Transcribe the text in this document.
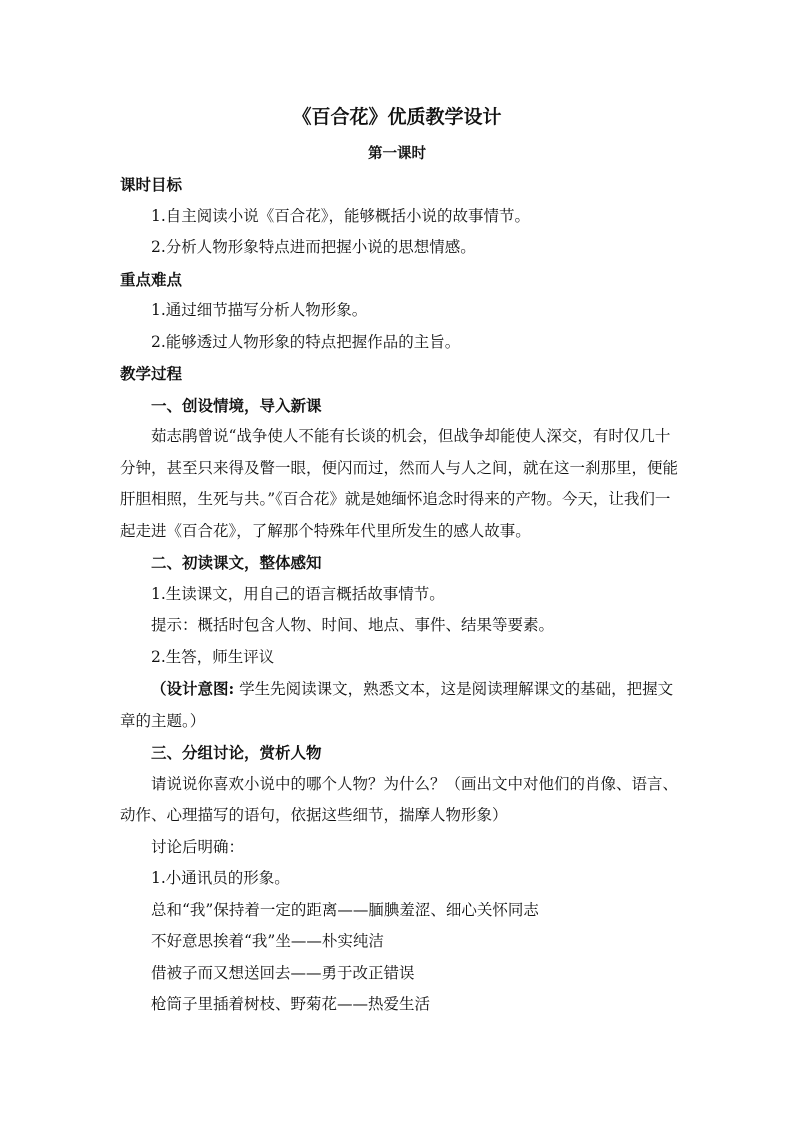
《百合花》优质教学设计
第一课时
课时目标
1.自主阅读小说《百合花》，能够概括小说的故事情节。
2.分析人物形象特点进而把握小说的思想情感。
重点难点
1.通过细节描写分析人物形象。
2.能够透过人物形象的特点把握作品的主旨。
教学过程
一、创设情境，导入新课

茹志鹃曾说“战争使人不能有长谈的机会，但战争却能使人深交，有时仅几十分钟，甚至只来得及瞥一眼，便闪而过，然而人与人之间，就在这一刹那里，便能肝胆相照，生死与共。”《百合花》就是她缅怀追念时得来的产物。今天，让我们一起走进《百合花》，了解那个特殊年代里所发生的感人故事。

二、初读课文，整体感知
1.生读课文，用自己的语言概括故事情节。
提示：概括时包含人物、时间、地点、事件、结果等要素。
2.生答，师生评议

（设计意图: 学生先阅读课文，熟悉文本，这是阅读理解课文的基础，把握文章的主题。）

三、分组讨论，赏析人物

请说说你喜欢小说中的哪个人物？为什么？（画出文中对他们的肖像、语言、动作、心理描写的语句，依据这些细节，揣摩人物形象）

讨论后明确：
1.小通讯员的形象。
总和“我”保持着一定的距离——腼腆羞涩、细心关怀同志
不好意思挨着“我”坐——朴实纯洁
借被子而又想送回去——勇于改正错误
枪筒子里插着树枝、野菊花——热爱生活
